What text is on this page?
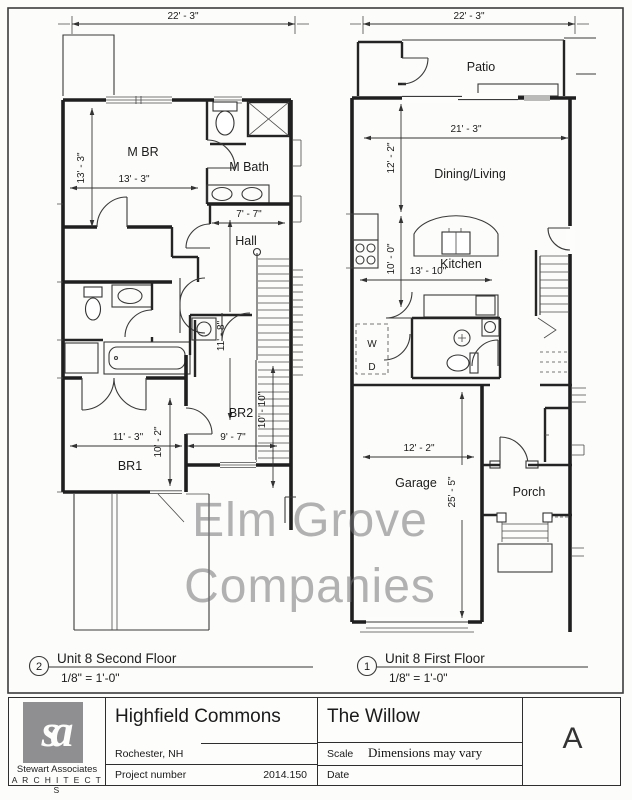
22' - 3"
13' - 3"	13' - 3"
7' - 7"
11' - 8"
10' - 10"
9' - 7"
11' - 3" 10' - 2"
M BR
M Bath
Hall
BR2
BR1
22' - 3"
Patio
W
D
21' - 3"
12' - 2"
10' - 0" 13' - 10"
12' - 2"
25' - 5"
Dining/Living
Kitchen
Garage
Porch
2
Unit 8 Second Floor
1/8" = 1'-0"
1
Unit 8 First Floor
1/8" = 1'-0"
Elm Grove
Companies
sa
Stewart Associates
A R C H I T E C T S
Highfield Commons
Rochester, NH
Project number	2014.150
The Willow
Scale Dimensions may vary
Date
A
